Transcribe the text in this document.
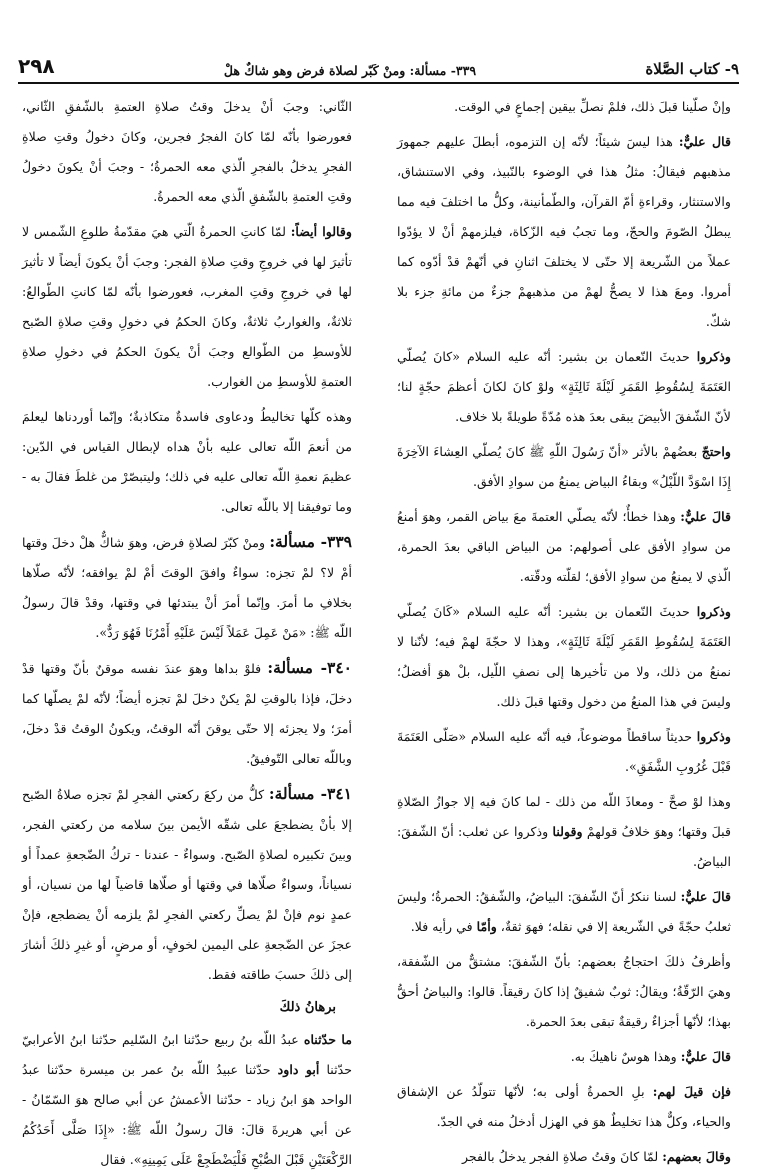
٩- كتاب الصَّلاة
٣٣٩- مسألة: ومنْ كَبّر لصلاة فرض وهو شاكٌ هلْ
٢٩٨

وإنْ صلّينا قبلَ ذلك، فلمْ نصلِّ بيقين إجماعٍ في الوقت.

قال عليٌّ: هذا ليسَ شيئاً؛ لأنّه إن التزموه، أبطلَ عليهم جمهورَ مذهبهم فيقالُ: مثلُ هذا في الوضوء بالنّبيذ، وفي الاستنشاق، والاستنثار، وقراءةِ أمّ القرآن، والطّمأنينة، وكلُّ ما اختلفَ فيه مما يبطلُ الصّومَ والحجّ، وما تجبُ فيه الزّكاة، فيلزمهمْ أنْ لا يؤدّوا عملاً من الشّريعة إلا حتّى لا يختلفَ اثنانِ في أنّهمْ قدْ أدّوه كما أمروا. ومعَ هذا لا يصحُّ لهمْ من مذهبهمْ جزءٌ من مائةِ جزء بلا شكّ.

وذكروا حديثَ النّعمان بن بشير: أنّه عليه السلام «كانَ يُصلّي العَتَمَةَ لِسُقُوطِ القَمَرِ لَيْلَةَ ثَالِثَةٍ» ولوْ كانَ لكانَ أعظمَ حجّةٍ لنا؛ لأنّ الشّفقَ الأبيضَ يبقى بعدَ هذه مُدّةً طويلةً بلا خلاف.

واحتجّ بعضُهمْ بالأثر «أنّ رَسُولَ اللّهِ ﷺ كانَ يُصلّي العِشاءَ الآخِرَةَ إِذَا اسْوَدَّ اللّيْلُ» وبقاءُ البياض يمنعُ من سوادِ الأفق.

قالَ عليٌّ: وهذا خطأٌ؛ لأنّه يصلّي العتمةَ معَ بياض القمر، وهوَ أمنعُ من سوادِ الأفق على أصولهم: من البياض الباقي بعدَ الحمرة، الّذي لا يمنعُ من سوادِ الأفق؛ لقلّته ودقّته.

وذكروا حديثَ النّعمان بن بشير: أنّه عليه السلام «كَانَ يُصلّي العَتَمَةَ لِسُقُوطِ القَمَرِ لَيْلَةَ ثَالِثَةٍ»، وهذا لا حجّةَ لهمْ فيه؛ لأنّنا لا نمنعُ من ذلك، ولا من تأخيرها إلى نصفِ اللّيل، بلْ هوَ أفضلُ؛ وليسَ في هذا المنعُ من دخول وقتها قبلَ ذلك.

وذكروا حديثاً ساقطاً موضوعاً، فيه أنّه عليه السلام «صَلّى العَتَمَةَ قَبْلَ غُرُوبِ الشَّفَقِ».

وهذا لوْ صحَّ - ومعاذَ اللّه من ذلك - لما كانَ فيه إلا جوازُ الصّلاةِ قبلَ وقتها؛ وهوَ خلافُ قولهمْ وقولنا وذكروا عن ثعلب: أنّ الشّفقَ: البياضُ.

قالَ عليٌّ: لسنا ننكرُ أنّ الشّفقَ: البياضُ، والشّفقُ: الحمرةُ؛ وليسَ ثعلبُ حجّةً في الشّريعة إلا في نقله؛ فهوَ ثقةٌ، وأمّا في رأيه فلا.

وأظرفُ ذلكَ احتجاجُ بعضهم: بأنّ الشّفقَ: مشتقٌّ من الشّفقة، وهيَ الرّقّةُ؛ ويقالُ: ثوبٌ شفيقٌ إذا كانَ رقيقاً. قالوا: والبياضُ أحقُّ بهذا؛ لأنّها أجزاءٌ رقيقةٌ تبقى بعدَ الحمرة.

قالَ عليٌّ: وهذا هوسٌ ناهيكَ به.

فإن قيلَ لهم: بلِ الحمرةُ أولى به؛ لأنّها تتولّدُ عن الإشفاق والحياء، وكلٌّ هذا تخليطٌ هوَ في الهزل أدخلُ منه في الجدّ.

وقالَ بعضهم: لمّا كانَ وقتُ صلاةِ الفجر يدخلُ بالفجر

الثّاني: وجبَ أنْ يدخلَ وقتُ صلاةِ العتمةِ بالشّفقِ الثّاني، فعورضوا بأنّه لمّا كانَ الفجرُ فجرين، وكانَ دخولُ وقتِ صلاةِ الفجرِ يدخلُ بالفجرِ الّذي معه الحمرةُ؛ - وجبَ أنْ يكونَ دخولُ وقتِ العتمةِ بالشّفقِ الّذي معه الحمرةُ.

وقالوا أيضاً: لمّا كانتِ الحمرةُ الّتي هيَ مقدّمةُ طلوعِ الشّمس لا تأثيرَ لها في خروجِ وقتِ صلاةِ الفجر: وجبَ أنْ يكونَ أيضاً لا تأثيرَ لها في خروجِ وقتِ المغرب، فعورضوا بأنّه لمّا كانتِ الطّوالعُ: ثلاثةٌ، والغواربُ ثلاثةٌ، وكانَ الحكمُ في دخولِ وقتِ صلاةِ الصّبح للأوسطِ من الطّوالع وجبَ أنْ يكونَ الحكمُ في دخولِ صلاةِ العتمةِ للأوسطِ من الغوارب.

وهذه كلّها تخاليطُ ودعاوى فاسدةٌ متكاذبةٌ؛ وإنّما أوردناها ليعلمَ من أنعمَ اللّه تعالى عليه بأنْ هداه لإبطال القياس في الدّين: عظيمَ نعمةِ اللّه تعالى عليه في ذلك؛ وليتبصّرْ من غلطَ فقالَ به - وما توفيقنا إلا باللّه تعالى.

٣٣٩- مسألة: ومنْ كبّرَ لصلاةِ فرض، وهوَ شاكٌّ هلْ دخلَ وقتها أمْ لا؟ لمْ تجزه: سواءٌ وافقَ الوقتَ أمْ لمْ يوافقه؛ لأنّه صلّاها بخلافِ ما أمرَ. وإنّما أمرَ أنْ يبتدئها في وقتها، وقدْ قالَ رسولُ اللّه ﷺ: «مَنْ عَمِلَ عَمَلاً لَيْسَ عَلَيْهِ أَمْرُنَا فَهُوَ رَدٌّ».

٣٤٠- مسألة: فلوْ بداها وهوَ عندَ نفسه موقنٌ بأنّ وقتها قدْ دخلَ، فإذا بالوقتِ لمْ يكنْ دخلَ لمْ تجزه أيضاً؛ لأنّه لمْ يصلّها كما أمرَ؛ ولا يجزئه إلا حتّى يوقنَ أنّه الوقتُ، ويكونُ الوقتُ قدْ دخلَ، وباللّه تعالى التّوفيقُ.

٣٤١- مسألة: كلُّ من ركعَ ركعتي الفجرِ لمْ تجزه صلاةُ الصّبح إلا بأنْ يضطجعَ على شقّه الأيمن بينَ سلامه من ركعتي الفجر، وبينَ تكبيره لصلاةِ الصّبح. وسواءٌ - عندنا - تركُ الضّجعةِ عمداً أو نسياناً، وسواءٌ صلّاها في وقتها أو صلّاها قاضياً لها من نسيان، أو عمدٍ نوم فإنْ لمْ يصلِّ ركعتي الفجرِ لمْ يلزمه أنْ يضطجع، فإنْ عجزَ عن الضّجعةِ على اليمين لخوفٍ، أو مرضٍ، أو غيرِ ذلكَ أشارَ إلى ذلكَ حسبَ طاقته فقط.

برهانُ ذلكَ

ما حدّثناه عبدُ اللّه بنُ ربيع حدّثنا ابنُ السّليم حدّثنا ابنُ الأعرابيّ حدّثنا أبو داود حدّثنا عبيدُ اللّه بنُ عمر بن ميسرة حدّثنا عبدُ الواحد هوَ ابنُ زياد - حدّثنا الأعمشُ عن أبي صالح هوَ السّمّانُ - عن أبي هريرةَ قالَ: قالَ رسولُ اللّه ﷺ: «إِذَا صَلَّى أَحَدُكُمُ الرَّكْعَتَيْنِ قَبْلَ الصُّبْحِ فَلْيَضْطَجِعْ عَلَى يَمِينِهِ». فقال
